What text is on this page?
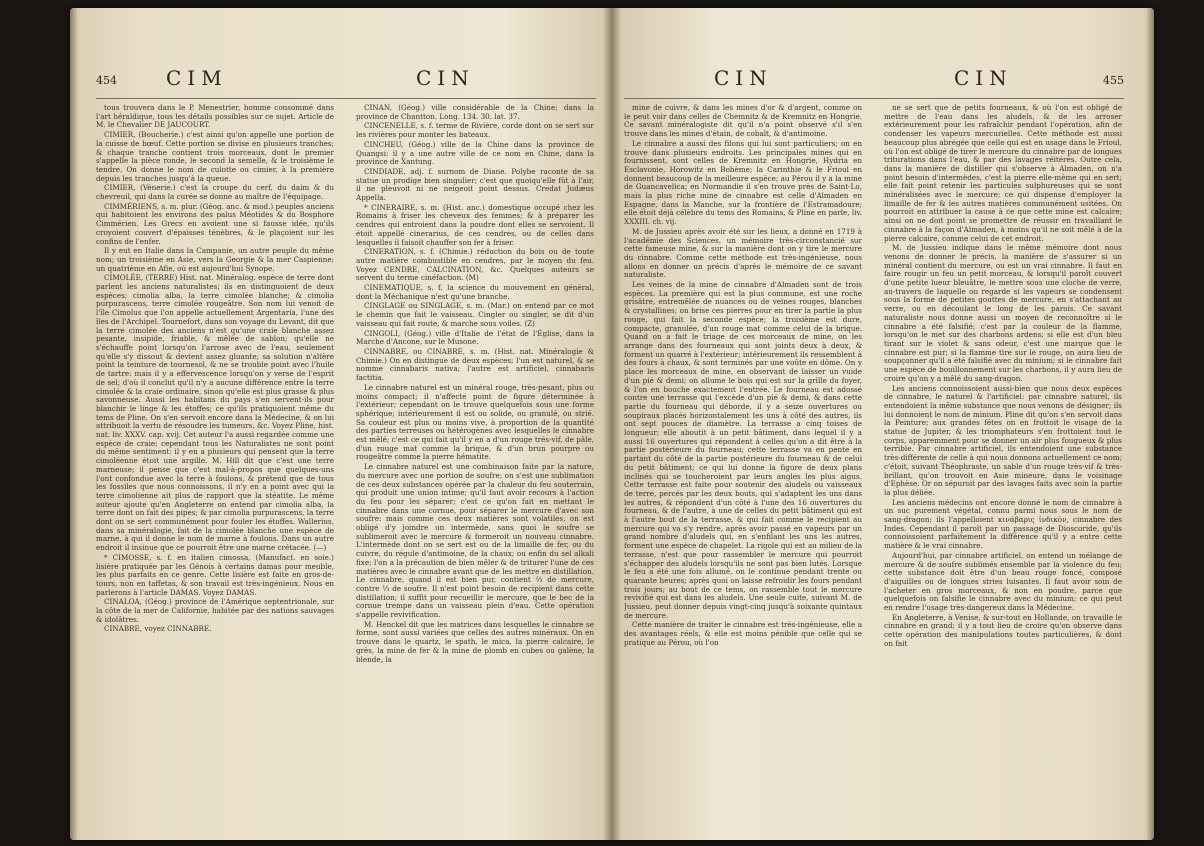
454 CIM	CIN

tous trouvera dans le P. Menestrier, homme consommé dans l'art héraldique, tous les détails possibles sur ce sujet. Article de M. le Chevalier DE JAUCOURT.

CIMIER, (Boucherie.) c'est ainsi qu'on appelle une portion de la cuisse de bœuf. Cette portion se divise en plusieurs tranches; & chaque tranche contient trois morceaux, dont le premier s'appelle la pièce ronde, le second la semelle, & le troisième le tendre. On donne le nom de culotte ou cimier, à la première depuis les tranches jusqu'à la queue.

CIMIER, (Vénerie.) c'est la croupe du cerf, du daim & du chevreuil, qui dans la curée se donne au maître de l'équipage.

CIMMÉRIENS, s. m. plur. (Géog. anc. & mod.) peuples anciens qui habitoient les environs des palus Méotides & du Bosphore Cimmérien. Les Grecs en avoient une si fausse idée, qu'ils croyoient couvert d'épaisses ténèbres, & le plaçoient sur les confins de l'enfer.

Il y eut en Italie dans la Campanie, un autre peuple du même nom; un troisième en Asie, vers la Georgie & la mer Caspienne; un quatrième en Afie, où est aujourd'hui Synope.

CIMOLÉE, (TERRE) Hist. nat. Minéralog. espèce de terre dont parlent les anciens naturalistes; ils en distinguoient de deux espèces; cimolia alba, la terre cimolée blanche; & cimolia purpurascens, terre cimolée rougeâtre. Son nom lui venoit de l'île Cimolus que l'on appelle actuellement Argentaria, l'une des îles de l'Archipel. Tournefort, dans son voyage du Levant, dit que la terre cimolée des anciens n'est qu'une craie blanche assez pesante, insipide, friable, & mêlée de sablon; qu'elle ne s'échauffe point lorsqu'on l'arrose avec de l'eau, seulement qu'elle s'y dissout & devient assez gluante; sa solution n'altère point la teinture de tournesol, & ne se trouble point avec l'huile de tartre: mais il y a effervescence lorsqu'on y verse de l'esprit de sel; d'où il conclut qu'il n'y a aucune différence entre la terre cimolée & la craie ordinaire, sinon qu'elle est plus grasse & plus savonneuse. Aussi les habitans du pays s'en servent-ils pour blanchir le linge & les étoffes; ce qu'ils pratiquoient même du tems de Pline. On s'en servoit encore dans la Médecine, & on lui attribuoit la vertu de résoudre les tumeurs, &c. Voyez Pline, hist. nat. liv. XXXV. cap. xvij. Cet auteur l'a aussi regardée comme une espèce de craie; cependant tous les Naturalistes ne sont point du même sentiment: il y en a plusieurs qui pensent que la terre cimoléenne étoit une argille. M. Hill dit que c'est une terre marneuse; il pense que c'est mal-à-propos que quelques-uns l'ont confondue avec la terre à foulons, & prétend que de tous les fossiles que nous connoissons, il n'y en a point avec qui la terre cimolienne ait plus de rapport que la stéatite. Le même auteur ajoute qu'en Angleterre on entend par cimolia alba, la terre dont on fait des pipes; & par cimolia purpurascens, la terre dont on se sert communément pour fouler les étoffes. Wallerius, dans sa minéralogie, fait de la cimolée blanche une espèce de marne, à qui il donne le nom de marne à foulons. Dans un autre endroit il insinue que ce pourroit être une marne crétacée. (—)

* CIMOSSE, s. f. en italien cimossa, (Manufact. en soie.) lisière pratiquée par les Génois à certains damas pour meuble, les plus parfaits en ce genre. Cette lisière est faite en gros-de-tours, non en taffetas, & son travail est très-ingénieux. Nous en parlerons à l'article DAMAS. Voyez DAMAS.

CINALOA, (Géog.) province de l'Amérique septentrionale, sur la côte de la mer de Californie, habitée par des nations sauvages & idolâtres.

CINABRE, voyez CINNABRE.

CINAN, (Géog.) ville considérable de la Chine; dans la province de Chantton. Long. 134. 30. lat. 37.

CINCENELLE, s. f. terme de Rivière, corde dont on se sert sur les rivières pour monter les bateaux.

CINCHEU, (Géog.) ville de la Chine dans la province de Quangsi: il y a une autre ville de ce nom en Chine, dans la province de Xantung.

CINDIADE, adj. f. surnom de Diane. Polybe raconte de sa statue un prodige bien singulier; c'est que quoiqu'elle fût à l'air, il ne pleuvoit ni ne neigeoit point dessus. Credat Judæus Appella.

* CINERAIRE, s. m. (Hist. anc.) domestique occupé chez les Romains à friser les cheveux des femmes; & à préparer les cendres qui entroient dans la poudre dont elles se servoient. Il étoit appellé cinerarius, de ces cendres, ou de celles dans lesquelles il faisoit chauffer son fer à friser.

CINERATION, s. f. (Chimie.) réduction du bois ou de toute autre matière combustible en cendres, par le moyen du feu. Voyez CENDRE, CALCINATION, &c. Quelques auteurs se servent du terme cinéfaction. (M)

CINEMATIQUE, s. f. la science du mouvement en général, dont la Méchanique n'est qu'une branche.

CINGLAGE ou SINGLAGE, s. m. (Mar.) on entend par ce mot le chemin que fait le vaisseau. Cingler ou singler, se dit d'un vaisseau qui fait route, & marche sous voiles. (Z)

CINGOLI, (Géog.) ville d'Italie de l'état de l'Église, dans la Marche d'Ancone, sur le Musone.

CINNABRE, ou CINABRE, s. m. (Hist. nat. Minéralogie & Chimie.) On en distingue de deux espèces; l'un est naturel, & se nomme cinnabaris nativa; l'autre est artificiel, cinnabaris factitia.

Le cinnabre naturel est un minéral rouge, très-pesant, plus ou moins compact; il n'affecte point de figure déterminée à l'extérieur; cependant on le trouve quelquefois sous une forme sphérique; intérieurement il est ou solide, ou granulé, ou strié. Sa couleur est plus ou moins vive, à proportion de la quantité des parties terreuses ou hétérogènes avec lesquelles le cinnabre est mêlé; c'est ce qui fait qu'il y en a d'un rouge très-vif, de pâle, d'un rouge mat comme la brique, & d'un brun pourpre ou rougeâtre comme la pierre hématite.

Le cinnabre naturel est une combinaison faite par la nature, du mercure avec une portion de soufre; on s'est une sublimation de ces deux substances opérée par la chaleur du feu souterrain, qui produit une union intime; qu'il faut avoir recours à l'action du feu pour les séparer; c'est ce qu'on fait en mettant le cinnabre dans une cornue, pour séparer le mercure d'avec son soufre: mais comme ces deux matières sont volatiles, on est obligé d'y joindre un intermède, sans quoi le soufre se sublimeroit avec le mercure & formeroit un nouveau cinnabre. L'intermède dont on se sert est ou de la limaille de fer, ou du cuivre, du régule d'antimoine, de la chaux; ou enfin du sel alkali fixe; l'on a la précaution de bien mêler & de triturer l'une de ces matières avec le cinnabre avant que de les mettre en distillation. Le cinnabre, quand il est bien pur, contient ⅔ de mercure, contre ⅓ de soufre. Il n'est point besoin de recipient dans cette distillation; il suffit pour recueillir le mercure, que le bec de la cornue trempe dans un vaisseau plein d'eau. Cette opération s'appelle revivification.

M. Henckel dit que les matrices dans lesquelles le cinnabre se forme, sont aussi variées que celles des autres minéraux. On en trouve dans le quartz, le spath, le mica, la pierre calcaire, le grès, la mine de fer & la mine de plomb en cubes ou galène, la blende, la

CIN	CIN	455

mine de cuivre, & dans les mines d'or & d'argent, comme on le peut voir dans celles de Chemnitz & de Kremnitz en Hongrie. Ce savant minéralogiste dit qu'il n'a point observé s'il s'en trouve dans les mines d'étain, de cobalt, & d'antimoine.

Le cinnabre a aussi des filons qui lui sont particuliers; on en trouve dans plusieurs endroits. Les principales mines qui en fournissent, sont celles de Kremnitz en Hongrie, Hydria en Esclavonie, Horowitz en Bohème; la Carinthie & le Frioul en donnent beaucoup de la meilleure espèce; au Pérou il y a la mine de Guancavelica; en Normandie il s'en trouve près de Saint-Lo, mais la plus riche mine de cinnabre est celle d'Almaden en Espagne, dans la Manche, sur la frontière de l'Estramadoure; elle étoit déjà célèbre du tems des Romains, & Pline en parle, liv. XXXIII. ch. vij.

M. de Jussieu après avoir été sur les lieux, a donné en 1719 à l'académie des Sciences, un mémoire très-circonstancié sur cette fameuse mine, & sur la manière dont on y tire le mercure du cinnabre. Comme cette méthode est très-ingénieuse, nous allons en donner un précis d'après le mémoire de ce savant naturaliste.

Les veines de la mine de cinnabre d'Almaden sont de trois espèces. La première qui est la plus commune, est une roche grisâtre, entremêlée de nuances ou de veines rouges, blanches & crystallines; on brise ces pierres pour en tirer la partie la plus rouge, qui fait la seconde espèce; la troisième est dure, compacte, granulée, d'un rouge mat comme celui de la brique. Quand on a fait le triage de ces morceaux de mine, on les arrange dans des fourneaux qui sont joints deux à deux, & forment un quarré à l'extérieur; intérieurement ils ressemblent à des fours à chaux, & sont terminés par une voûte en dôme. On y place les morceaux de mine, en observant de laisser un vuide d'un pié & demi; on allume le bois qui est sur la grille du foyer, & l'on en bouche exactement l'entrée. Le fourneau est adossé contre une terrasse qui l'excède d'un pié & demi, & dans cette partie du fourneau qui déborde, il y a seize ouvertures ou soupiraux placés horizontalement les uns à côté des autres, ils ont sept pouces de diamètre. La terrasse a cinq toises de longueur; elle aboutit à un petit bâtiment, dans lequel il y a aussi 16 ouvertures qui répondent à celles qu'on a dit être à la partie postérieure du fourneau; cette terrasse va en pente en partant du côté de la partie postérieure du fourneau & de celui du petit bâtiment; ce qui lui donne la figure de deux plans inclinés qui se toucheroient par leurs angles les plus aigus. Cette terrasse est faite pour soutenir des aludels ou vaisseaux de terre, percés par les deux bouts, qui s'adaptent les uns dans les autres, & répondent d'un côté à l'une des 16 ouvertures du fourneau, & de l'autre, à une de celles du petit bâtiment qui est à l'autre bout de la terrasse, & qui fait comme le recipient au mercure qui va s'y rendre, après avoir passé en vapeurs par un grand nombre d'aludels qui, en s'enfilant les uns les autres, forment une espèce de chapelet. La rigole qui est au milieu de la terrasse, n'est que pour rassembler le mercure qui pourroit s'échapper des aludels lorsqu'ils ne sont pas bien lutés. Lorsque le feu a été une fois allumé, on le continue pendant trente ou quarante heures; après quoi on laisse refroidir les fours pendant trois jours; au bout de ce tems, on rassemble tout le mercure revivifié qui est dans les aludels. Une seule cuite, suivant M. de Jussieu, peut donner depuis vingt-cinq jusqu'à soixante quintaux de mercure.

Cette manière de traiter le cinnabre est très-ingénieuse, elle a des avantages réels, & elle est moins pénible que celle qui se pratique au Pérou, où l'on

ne se sert que de petits fourneaux, & où l'on est obligé de mettre de l'eau dans les aludels, & de les arroser extérieurement pour les rafraîchir pendant l'opération, afin de condenser les vapeurs mercurielles. Cette méthode est aussi beaucoup plus abrégée que celle qui est en usage dans le Frioul, où l'on est obligé de tirer le mercure du cinnabre par de longues triturations dans l'eau, & par des lavages réitérés. Outre cela, dans la manière de distiller qui s'observe à Almaden, on n'a point besoin d'intermèdes, c'est la pierre elle-même qui en sert; elle fait point retenir les particules sulphureuses qui se sont minéralisées avec le mercure; ce qui dispense d'employer la limaille de fer & les autres matières communément usitées. On pourroit en attribuer la cause à ce que cette mine est calcaire; ainsi on ne doit point se promettre de réussir en travaillant le cinnabre à la façon d'Almaden, à moins qu'il ne soit mêlé à de la pierre calcaire, comme celui de cet endroit.

M. de Jussieu indique dans le même mémoire dont nous venons de donner le précis, la manière de s'assurer si un minéral contient du mercure, ou est un vrai cinnabre. Il faut en faire rougir un feu un petit morceau, & lorsqu'il paroît couvert d'une petite lueur bleuâtre, le mettre sous une cloche de verre, au-travers de laquelle on regarde si les vapeurs se condensent sous la forme de petites gouttes de mercure, en s'attachant au verre, ou en découlant le long de les parois. Ce savant naturaliste nous donne aussi un moyen de reconnoître si le cinnabre a été falsifié; c'est par la couleur de la flamme, lorsqu'on le met sur des charbons ardens; si elle est d'un bleu tirant sur le violet & sans odeur, c'est une marque que le cinnabre est pur; si la flamme tire sur le rouge, on aura lieu de soupçonner qu'il a été falsifié avec du minium; si le cinnabre fait une espèce de bouillonnement sur les charbons, il y aura lieu de croire qu'on y a mêlé du sang-dragon.

Les anciens connoissoient aussi-bien que nous deux espèces de cinnabre, le naturel & l'artificiel: par cinnabre naturel, ils entendoient la même substance que nous venons de désigner; ils lui donnoient le nom de minium. Pline dit qu'on s'en servoit dans la Peinture; aux grandes fêtes on en frottoit le visage de la statue de Jupiter, & les triomphateurs s'en frottoient tout le corps, apparemment pour se donner un air plus fougueux & plus terrible. Par cinnabre artificiel, ils entendoient une substance très-différente de celle à qui nous donnons actuellement ce nom; c'étoit, suivant Théophraste, un sable d'un rouge très-vif & très-brillant, qu'on trouvoit en Asie mineure, dans le voisinage d'Ephèse. Or on sépuroit par des lavages faits avec soin la partie la plus déliée.

Les anciens médecins ont encore donné le nom de cinnabre à un suc purement végétal, connu parmi nous sous le nom de sang-dragon; ils l'appelloient κινάβαρις ἰνδικὸν, cinnabre des Indes. Cependant il paroît par un passage de Dioscoride, qu'ils connoissoient parfaitement la différence qu'il y a entre cette matière & le vrai cinnabre.

Aujourd'hui, par cinnabre artificiel, on entend un mélange de mercure & de soufre sublimés ensemble par la violence du feu; cette substance doit être d'un beau rouge foncé, composé d'aiguilles ou de longues stries luisantes. Il faut avoir soin de l'acheter en gros morceaux, & non en poudre, parce que quelquefois on falsifie le cinnabre avec du minium; ce qui peut en rendre l'usage très-dangereux dans la Médecine.

En Angleterre, à Venise, & sur-tout en Hollande, on travaille le cinnabre en grand; il y a tout lieu de croire qu'on observe dans cette opération des manipulations toutes particulières, & dont on fait
